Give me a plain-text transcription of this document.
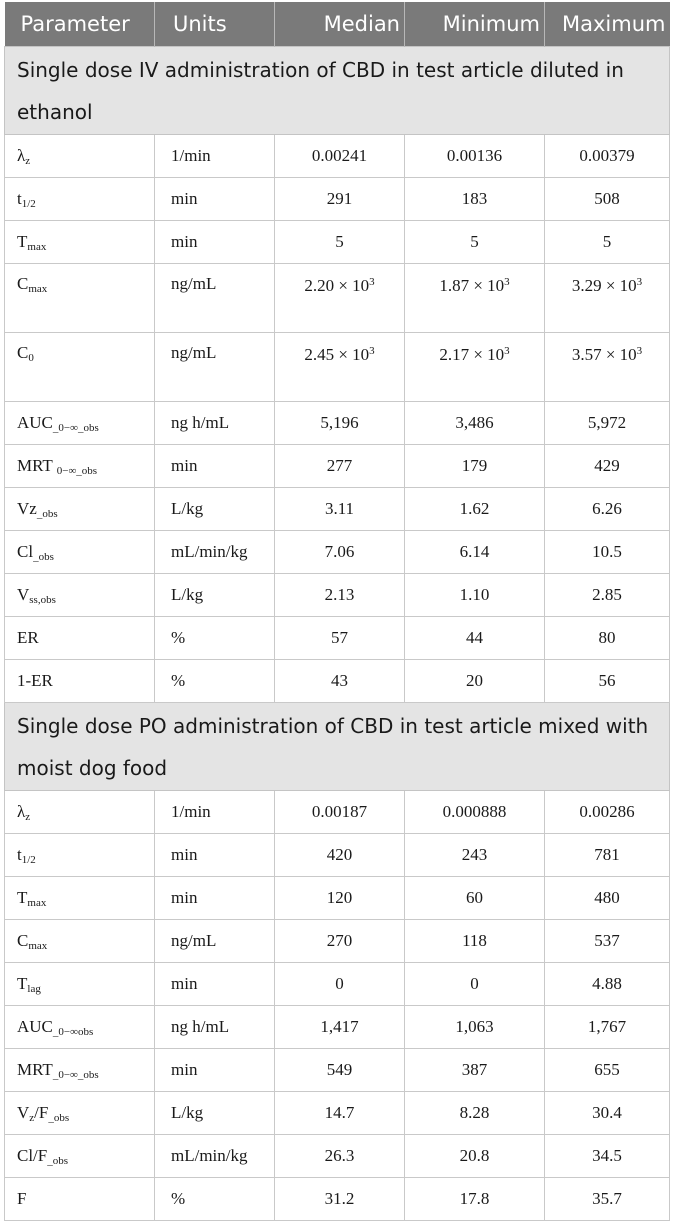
Parameter	Units	Median	Minimum	Maximum
Single dose IV administration of CBD in test article diluted in ethanol				
$\lambda_z$	1/min	0.00241	0.00136	0.00379
$t_{1/2}$	min	291	183	508
$T_{max}$	min	5	5	5
$C_{max}$	ng/mL	$2.20 \times 10^3$	$1.87 \times 10^3$	$3.29 \times 10^3$
$C_0$	ng/mL	$2.45 \times 10^3$	$2.17 \times 10^3$	$3.57 \times 10^3$
$AUC_{\_0-\infty\_obs}$	ng h/mL	5,196	3,486	5,972
MRT $_{0-\infty\_obs}$	min	277	179	429
$Vz_{\_obs}$	L/kg	3.11	1.62	6.26
$Cl_{\_obs}$	mL/min/kg	7.06	6.14	10.5
$V_{ss,obs}$	L/kg	2.13	1.10	2.85
ER	%	57	44	80
1-ER	%	43	20	56
Single dose PO administration of CBD in test article mixed with moist dog food				
$\lambda_z$	1/min	0.00187	0.000888	0.00286
$t_{1/2}$	min	420	243	781
$T_{max}$	min	120	60	480
$C_{max}$	ng/mL	270	118	537
$T_{lag}$	min	0	0	4.88
$AUC_{\_0-\infty obs}$	ng h/mL	1,417	1,063	1,767
$MRT_{\_0-\infty\_obs}$	min	549	387	655
$V_z/F_{\_obs}$	L/kg	14.7	8.28	30.4
$Cl/F_{\_obs}$	mL/min/kg	26.3	20.8	34.5
F	%	31.2	17.8	35.7
